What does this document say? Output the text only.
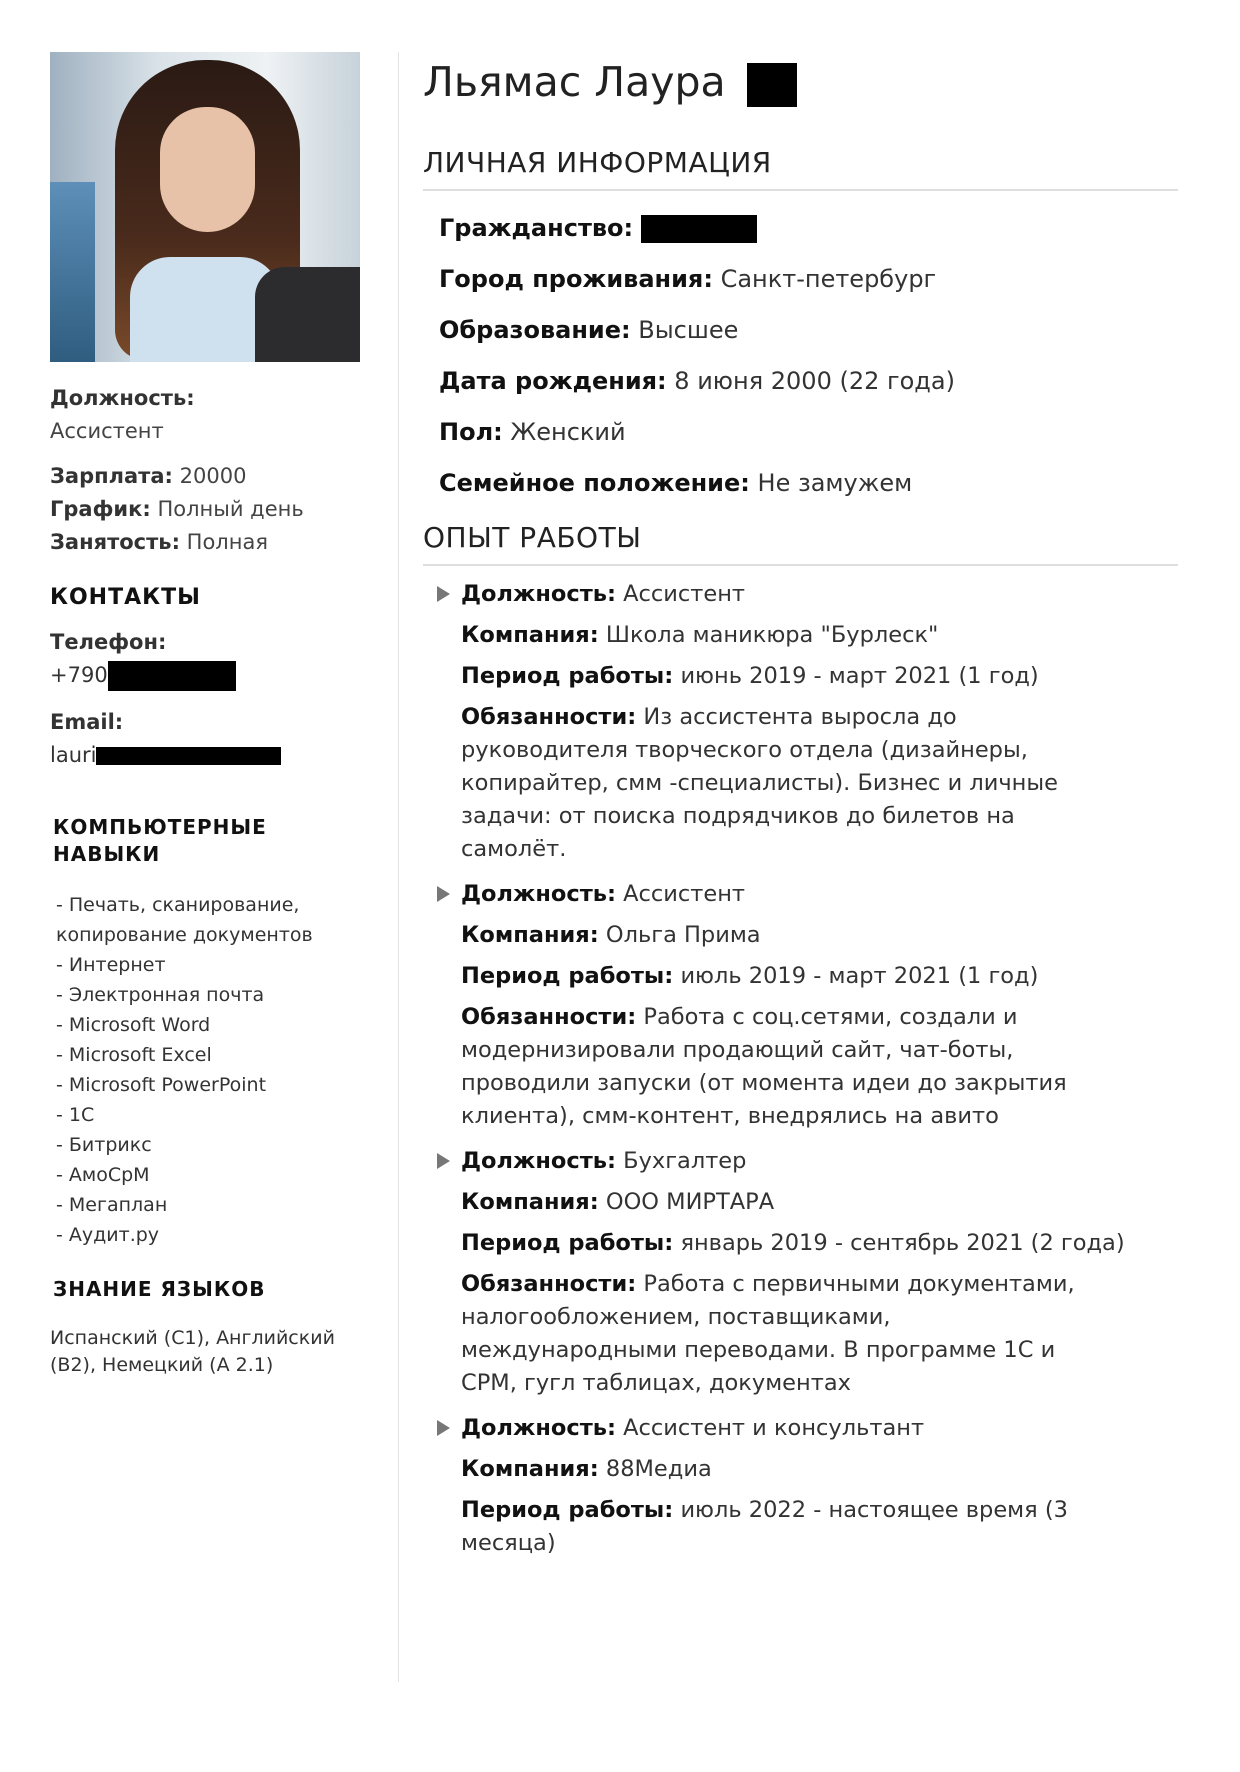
Должность:
Ассистент
Зарплата: 20000
График: Полный день
Занятость: Полная
КОНТАКТЫ
Телефон:
+790
Email:
lauri
КОМПЬЮТЕРНЫЕ
НАВЫКИ
- Печать, сканирование,
копирование документов
- Интернет
- Электронная почта
- Microsoft Word
- Microsoft Excel
- Microsoft PowerPoint
- 1С
- Битрикс
- АмоСрМ
- Мегаплан
- Аудит.ру
ЗНАНИЕ ЯЗЫКОВ
Испанский (С1), Английский
(В2), Немецкий (А 2.1)
Льямас Лаура
ЛИЧНАЯ ИНФОРМАЦИЯ
Гражданство:
Город проживания: Санкт-петербург
Образование: Высшее
Дата рождения: 8 июня 2000 (22 года)
Пол: Женский
Семейное положение: Не замужем
ОПЫТ РАБОТЫ
Должность: Ассистент
Компания: Школа маникюра "Бурлеск"
Период работы: июнь 2019 - март 2021 (1 год)
Обязанности: Из ассистента выросла до
руководителя творческого отдела (дизайнеры,
копирайтер, смм -специалисты). Бизнес и личные
задачи: от поиска подрядчиков до билетов на
самолёт.
Должность: Ассистент
Компания: Ольга Прима
Период работы: июль 2019 - март 2021 (1 год)
Обязанности: Работа с соц.сетями, создали и
модернизировали продающий сайт, чат-боты,
проводили запуски (от момента идеи до закрытия
клиента), смм-контент, внедрялись на авито
Должность: Бухгалтер
Компания: ООО МИРТАРА
Период работы: январь 2019 - сентябрь 2021 (2 года)
Обязанности: Работа с первичными документами,
налогообложением, поставщиками,
международными переводами. В программе 1С и
СРМ, гугл таблицах, документах
Должность: Ассистент и консультант
Компания: 88Медиа
Период работы: июль 2022 - настоящее время (3
месяца)
